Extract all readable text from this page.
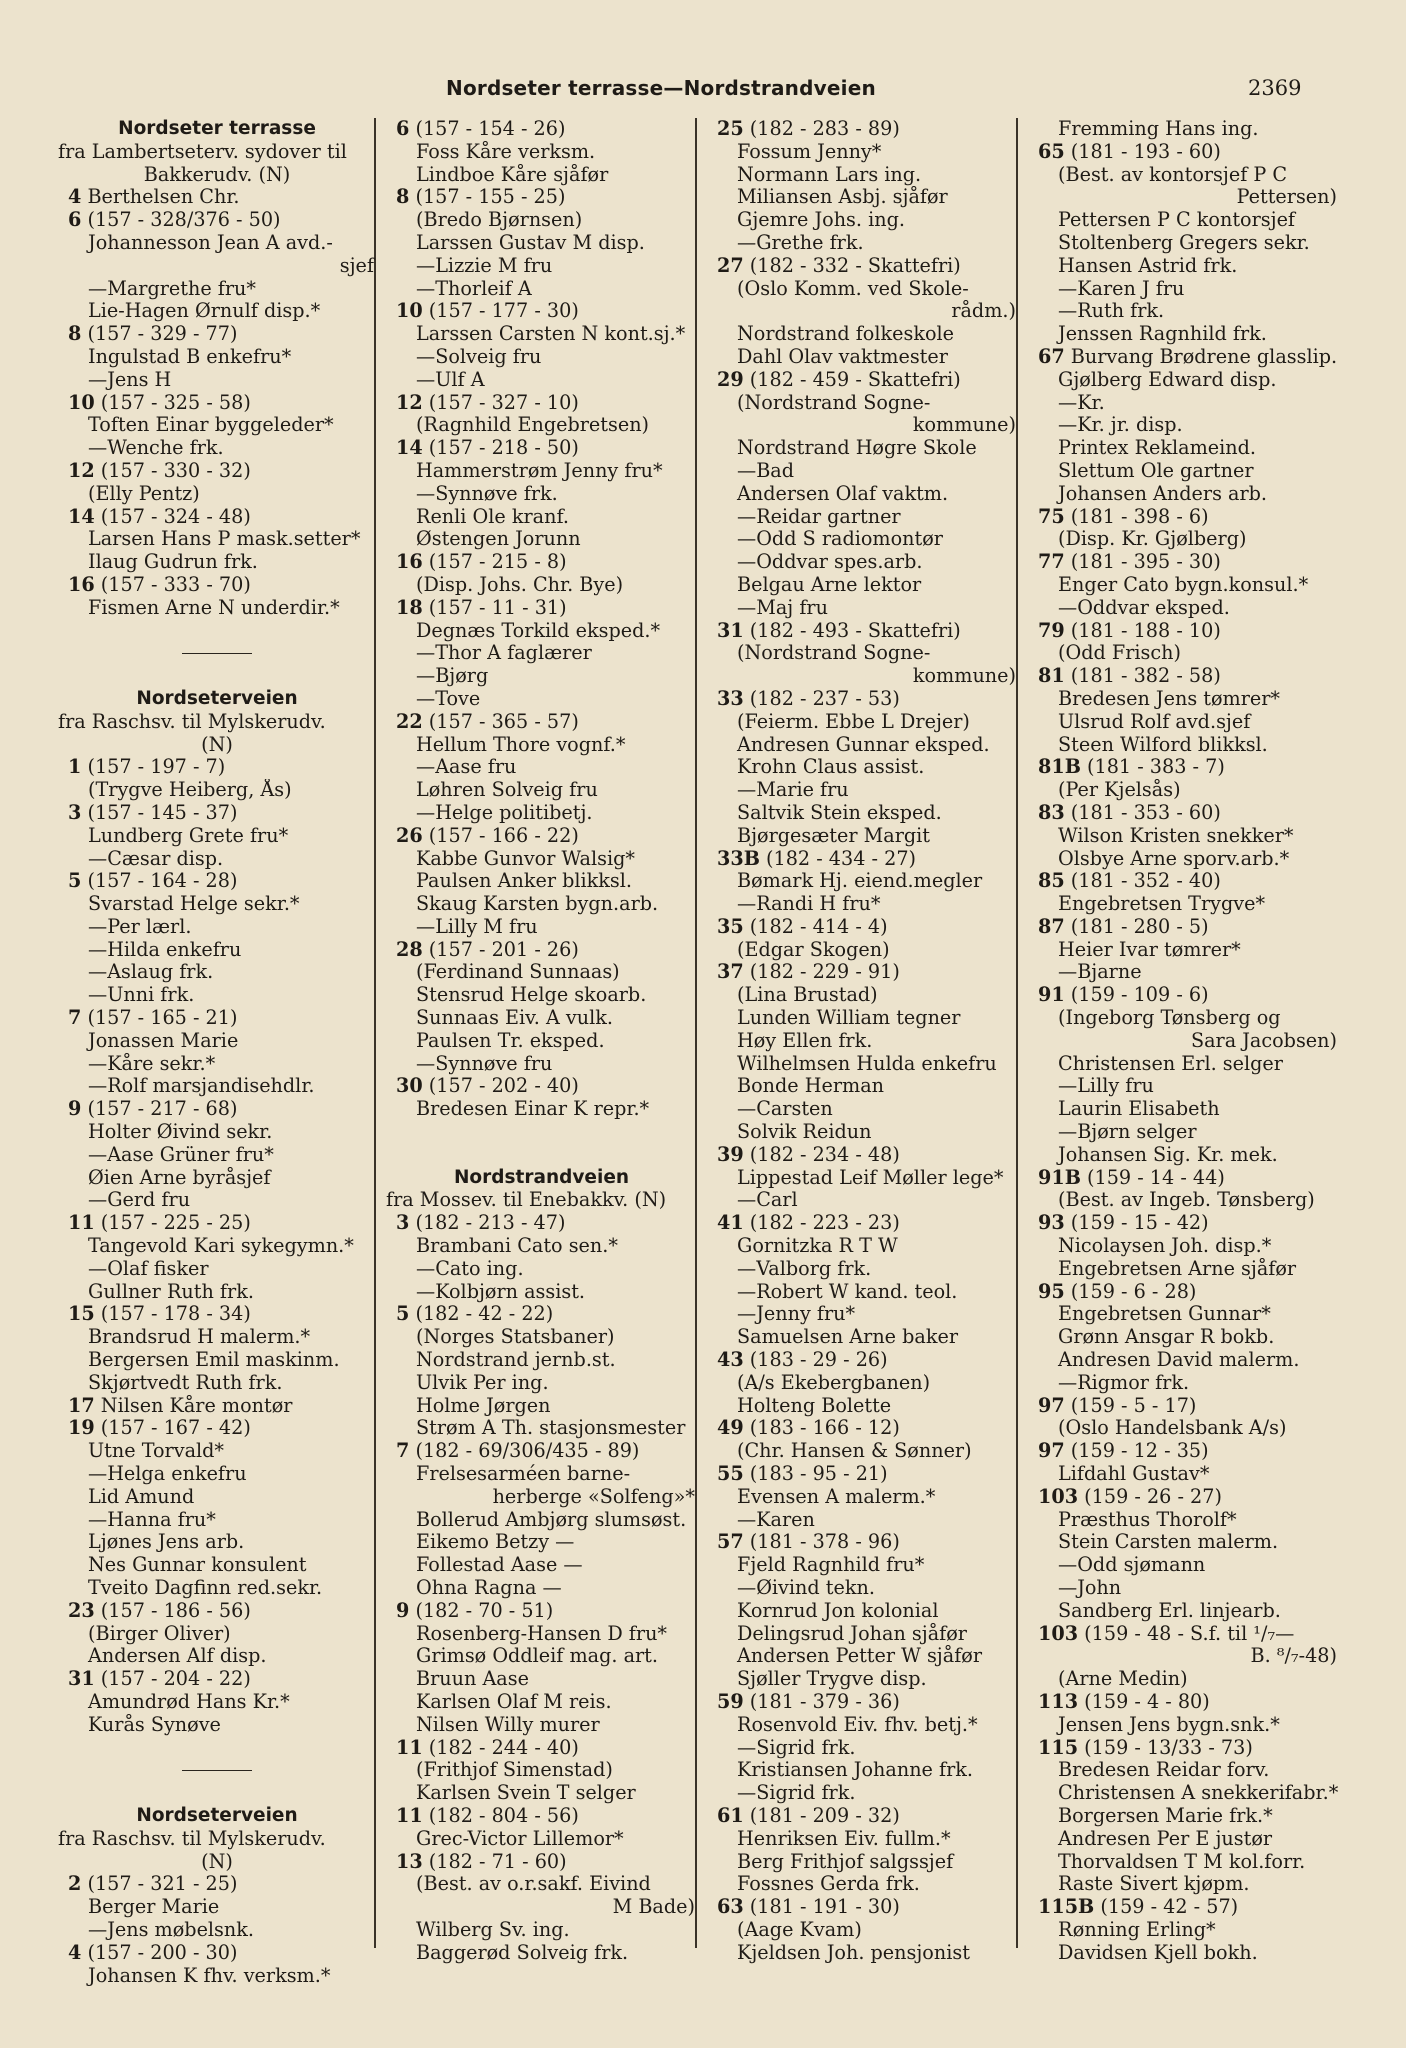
Nordseter terrasse—Nordstrandveien	2369
Nordseter terrasse
fra Lambertseterv. sydover til
Bakkerudv. (N)
4 Berthelsen Chr.
6 (157 - 328/376 - 50)
Johannesson Jean A avd.-
sjef
—Margrethe fru*
Lie-Hagen Ørnulf disp.*
8 (157 - 329 - 77)
Ingulstad B enkefru*
—Jens H
10 (157 - 325 - 58)
Toften Einar byggeleder*
—Wenche frk.
12 (157 - 330 - 32)
(Elly Pentz)
14 (157 - 324 - 48)
Larsen Hans P mask.setter*
Ilaug Gudrun frk.
16 (157 - 333 - 70)
Fismen Arne N underdir.*
Nordseterveien
fra Raschsv. til Mylskerudv.
(N)
1 (157 - 197 - 7)
(Trygve Heiberg, Ås)
3 (157 - 145 - 37)
Lundberg Grete fru*
—Cæsar disp.
5 (157 - 164 - 28)
Svarstad Helge sekr.*
—Per lærl.
—Hilda enkefru
—Aslaug frk.
—Unni frk.
7 (157 - 165 - 21)
Jonassen Marie
—Kåre sekr.*
—Rolf marsjandisehdlr.
9 (157 - 217 - 68)
Holter Øivind sekr.
—Aase Grüner fru*
Øien Arne byråsjef
—Gerd fru
11 (157 - 225 - 25)
Tangevold Kari sykegymn.*
—Olaf fisker
Gullner Ruth frk.
15 (157 - 178 - 34)
Brandsrud H malerm.*
Bergersen Emil maskinm.
Skjørtvedt Ruth frk.
17 Nilsen Kåre montør
19 (157 - 167 - 42)
Utne Torvald*
—Helga enkefru
Lid Amund
—Hanna fru*
Ljønes Jens arb.
Nes Gunnar konsulent
Tveito Dagfinn red.sekr.
23 (157 - 186 - 56)
(Birger Oliver)
Andersen Alf disp.
31 (157 - 204 - 22)
Amundrød Hans Kr.*
Kurås Synøve
Nordseterveien
fra Raschsv. til Mylskerudv.
(N)
2 (157 - 321 - 25)
Berger Marie
—Jens møbelsnk.
4 (157 - 200 - 30)
Johansen K fhv. verksm.*
6 (157 - 154 - 26)
Foss Kåre verksm.
Lindboe Kåre sjåfør
8 (157 - 155 - 25)
(Bredo Bjørnsen)
Larssen Gustav M disp.
—Lizzie M fru
—Thorleif A
10 (157 - 177 - 30)
Larssen Carsten N kont.sj.*
—Solveig fru
—Ulf A
12 (157 - 327 - 10)
(Ragnhild Engebretsen)
14 (157 - 218 - 50)
Hammerstrøm Jenny fru*
—Synnøve frk.
Renli Ole kranf.
Østengen Jorunn
16 (157 - 215 - 8)
(Disp. Johs. Chr. Bye)
18 (157 - 11 - 31)
Degnæs Torkild eksped.*
—Thor A faglærer
—Bjørg
—Tove
22 (157 - 365 - 57)
Hellum Thore vognf.*
—Aase fru
Løhren Solveig fru
—Helge politibetj.
26 (157 - 166 - 22)
Kabbe Gunvor Walsig*
Paulsen Anker blikksl.
Skaug Karsten bygn.arb.
—Lilly M fru
28 (157 - 201 - 26)
(Ferdinand Sunnaas)
Stensrud Helge skoarb.
Sunnaas Eiv. A vulk.
Paulsen Tr. eksped.
—Synnøve fru
30 (157 - 202 - 40)
Bredesen Einar K repr.*
Nordstrandveien
fra Mossev. til Enebakkv. (N)
3 (182 - 213 - 47)
Brambani Cato sen.*
—Cato ing.
—Kolbjørn assist.
5 (182 - 42 - 22)
(Norges Statsbaner)
Nordstrand jernb.st.
Ulvik Per ing.
Holme Jørgen
Strøm A Th. stasjonsmester
7 (182 - 69/306/435 - 89)
Frelsesarméen barne-
herberge «Solfeng»*
Bollerud Ambjørg slumsøst.
Eikemo Betzy —
Follestad Aase —
Ohna Ragna —
9 (182 - 70 - 51)
Rosenberg-Hansen D fru*
Grimsø Oddleif mag. art.
Bruun Aase
Karlsen Olaf M reis.
Nilsen Willy murer
11 (182 - 244 - 40)
(Frithjof Simenstad)
Karlsen Svein T selger
11 (182 - 804 - 56)
Grec-Victor Lillemor*
13 (182 - 71 - 60)
(Best. av o.r.sakf. Eivind
M Bade)
Wilberg Sv. ing.
Baggerød Solveig frk.
25 (182 - 283 - 89)
Fossum Jenny*
Normann Lars ing.
Miliansen Asbj. sjåfør
Gjemre Johs. ing.
—Grethe frk.
27 (182 - 332 - Skattefri)
(Oslo Komm. ved Skole-
rådm.)
Nordstrand folkeskole
Dahl Olav vaktmester
29 (182 - 459 - Skattefri)
(Nordstrand Sogne-
kommune)
Nordstrand Høgre Skole
—Bad
Andersen Olaf vaktm.
—Reidar gartner
—Odd S radiomontør
—Oddvar spes.arb.
Belgau Arne lektor
—Maj fru
31 (182 - 493 - Skattefri)
(Nordstrand Sogne-
kommune)
33 (182 - 237 - 53)
(Feierm. Ebbe L Drejer)
Andresen Gunnar eksped.
Krohn Claus assist.
—Marie fru
Saltvik Stein eksped.
Bjørgesæter Margit
33B (182 - 434 - 27)
Bømark Hj. eiend.megler
—Randi H fru*
35 (182 - 414 - 4)
(Edgar Skogen)
37 (182 - 229 - 91)
(Lina Brustad)
Lunden William tegner
Høy Ellen frk.
Wilhelmsen Hulda enkefru
Bonde Herman
—Carsten
Solvik Reidun
39 (182 - 234 - 48)
Lippestad Leif Møller lege*
—Carl
41 (182 - 223 - 23)
Gornitzka R T W
—Valborg frk.
—Robert W kand. teol.
—Jenny fru*
Samuelsen Arne baker
43 (183 - 29 - 26)
(A/s Ekebergbanen)
Holteng Bolette
49 (183 - 166 - 12)
(Chr. Hansen & Sønner)
55 (183 - 95 - 21)
Evensen A malerm.*
—Karen
57 (181 - 378 - 96)
Fjeld Ragnhild fru*
—Øivind tekn.
Kornrud Jon kolonial
Delingsrud Johan sjåfør
Andersen Petter W sjåfør
Sjøller Trygve disp.
59 (181 - 379 - 36)
Rosenvold Eiv. fhv. betj.*
—Sigrid frk.
Kristiansen Johanne frk.
—Sigrid frk.
61 (181 - 209 - 32)
Henriksen Eiv. fullm.*
Berg Frithjof salgssjef
Fossnes Gerda frk.
63 (181 - 191 - 30)
(Aage Kvam)
Kjeldsen Joh. pensjonist
Fremming Hans ing.
65 (181 - 193 - 60)
(Best. av kontorsjef P C
Pettersen)
Pettersen P C kontorsjef
Stoltenberg Gregers sekr.
Hansen Astrid frk.
—Karen J fru
—Ruth frk.
Jenssen Ragnhild frk.
67 Burvang Brødrene glasslip.
Gjølberg Edward disp.
—Kr.
—Kr. jr. disp.
Printex Reklameind.
Slettum Ole gartner
Johansen Anders arb.
75 (181 - 398 - 6)
(Disp. Kr. Gjølberg)
77 (181 - 395 - 30)
Enger Cato bygn.konsul.*
—Oddvar eksped.
79 (181 - 188 - 10)
(Odd Frisch)
81 (181 - 382 - 58)
Bredesen Jens tømrer*
Ulsrud Rolf avd.sjef
Steen Wilford blikksl.
81B (181 - 383 - 7)
(Per Kjelsås)
83 (181 - 353 - 60)
Wilson Kristen snekker*
Olsbye Arne sporv.arb.*
85 (181 - 352 - 40)
Engebretsen Trygve*
87 (181 - 280 - 5)
Heier Ivar tømrer*
—Bjarne
91 (159 - 109 - 6)
(Ingeborg Tønsberg og
Sara Jacobsen)
Christensen Erl. selger
—Lilly fru
Laurin Elisabeth
—Bjørn selger
Johansen Sig. Kr. mek.
91B (159 - 14 - 44)
(Best. av Ingeb. Tønsberg)
93 (159 - 15 - 42)
Nicolaysen Joh. disp.*
Engebretsen Arne sjåfør
95 (159 - 6 - 28)
Engebretsen Gunnar*
Grønn Ansgar R bokb.
Andresen David malerm.
—Rigmor frk.
97 (159 - 5 - 17)
(Oslo Handelsbank A/s)
97 (159 - 12 - 35)
Lifdahl Gustav*
103 (159 - 26 - 27)
Præsthus Thorolf*
Stein Carsten malerm.
—Odd sjømann
—John
Sandberg Erl. linjearb.
103 (159 - 48 - S.f. til ¹/₇—
B. ⁸/₇-48)
(Arne Medin)
113 (159 - 4 - 80)
Jensen Jens bygn.snk.*
115 (159 - 13/33 - 73)
Bredesen Reidar forv.
Christensen A snekkerifabr.*
Borgersen Marie frk.*
Andresen Per E justør
Thorvaldsen T M kol.forr.
Raste Sivert kjøpm.
115B (159 - 42 - 57)
Rønning Erling*
Davidsen Kjell bokh.
